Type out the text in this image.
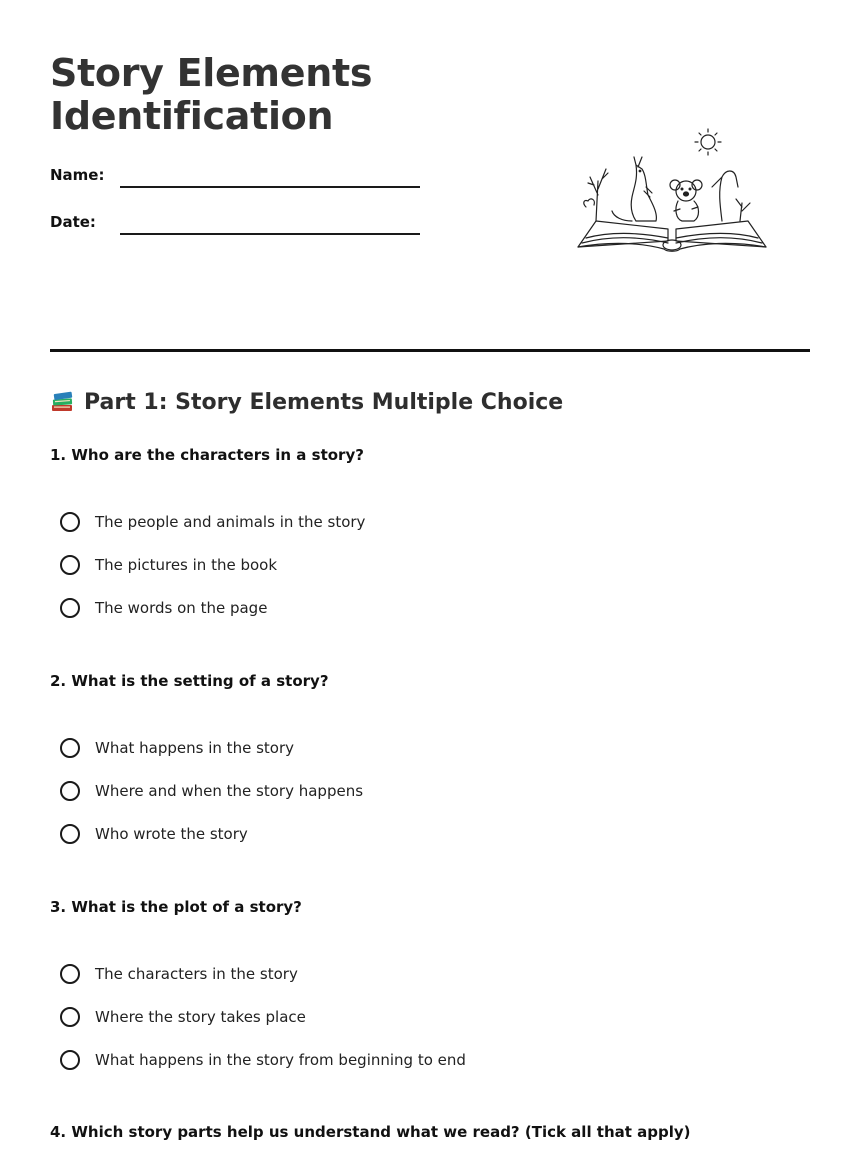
Story Elements
Identification
Name:
Date:
Part 1: Story Elements Multiple Choice

1. Who are the characters in a story?

The people and animals in the story
The pictures in the book
The words on the page

2. What is the setting of a story?

What happens in the story
Where and when the story happens
Who wrote the story

3. What is the plot of a story?

The characters in the story
Where the story takes place
What happens in the story from beginning to end

4. Which story parts help us understand what we read? (Tick all that apply)
